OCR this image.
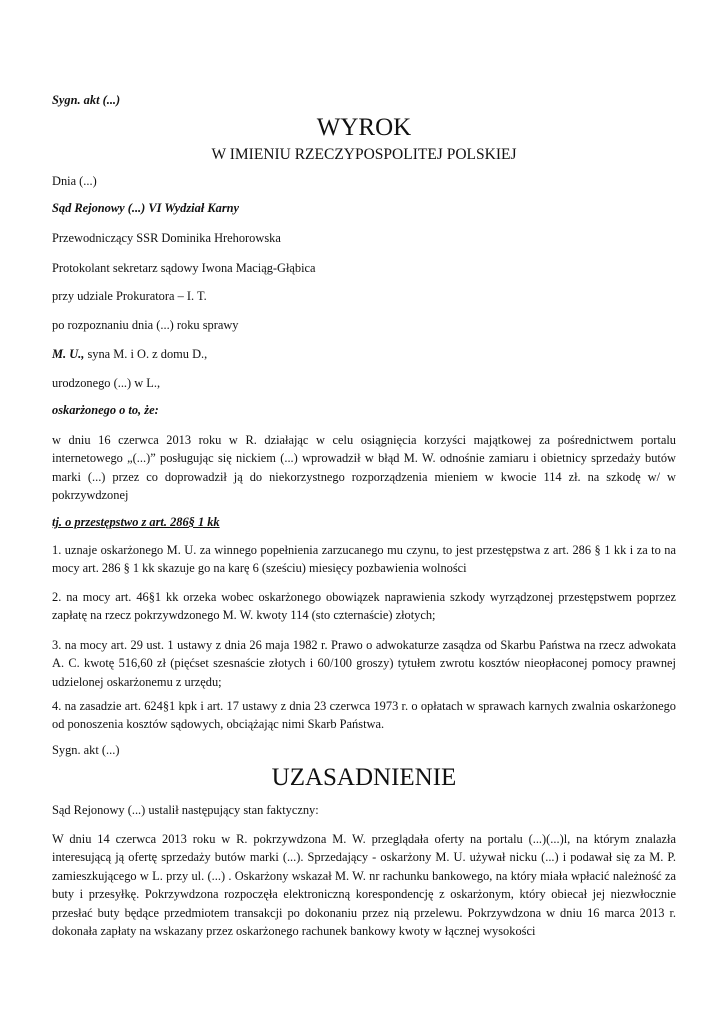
Sygn. akt (...)
WYROK
W IMIENIU RZECZYPOSPOLITEJ POLSKIEJ
Dnia (...)
Sąd Rejonowy (...) VI Wydział Karny
Przewodniczący SSR Dominika Hrehorowska
Protokolant sekretarz sądowy Iwona Maciąg-Głąbica
przy udziale Prokuratora – I. T.
po rozpoznaniu dnia (...) roku sprawy
M. U., syna M. i O. z domu D.,
urodzonego (...) w L.,
oskarżonego o to, że:
w dniu 16 czerwca 2013 roku w R. działając w celu osiągnięcia korzyści majątkowej za pośrednictwem portalu internetowego „(...)” posługując się nickiem (...) wprowadził w błąd M. W. odnośnie zamiaru i obietnicy sprzedaży butów marki (...) przez co doprowadził ją do niekorzystnego rozporządzenia mieniem w kwocie 114 zł. na szkodę w/ w pokrzywdzonej
tj. o przestępstwo z art. 286§ 1 kk
1. uznaje oskarżonego M. U. za winnego popełnienia zarzucanego mu czynu, to jest przestępstwa z art. 286 § 1 kk i za to na mocy art. 286 § 1 kk skazuje go na karę 6 (sześciu) miesięcy pozbawienia wolności
2. na mocy art. 46§1 kk orzeka wobec oskarżonego obowiązek naprawienia szkody wyrządzonej przestępstwem poprzez zapłatę na rzecz pokrzywdzonego M. W. kwoty 114 (sto czternaście) złotych;
3. na mocy art. 29 ust. 1 ustawy z dnia 26 maja 1982 r. Prawo o adwokaturze zasądza od Skarbu Państwa na rzecz adwokata A. C. kwotę 516,60 zł (pięćset szesnaście złotych i 60/100 groszy) tytułem zwrotu kosztów nieopłaconej pomocy prawnej udzielonej oskarżonemu z urzędu;
4. na zasadzie art. 624§1 kpk i art. 17 ustawy z dnia 23 czerwca 1973 r. o opłatach w sprawach karnych zwalnia oskarżonego od ponoszenia kosztów sądowych, obciążając nimi Skarb Państwa.
Sygn. akt (...)
UZASADNIENIE
Sąd Rejonowy (...) ustalił następujący stan faktyczny:
W dniu 14 czerwca 2013 roku w R. pokrzywdzona M. W. przeglądała oferty na portalu (...)(...)l, na którym znalazła interesującą ją ofertę sprzedaży butów marki (...). Sprzedający - oskarżony M. U. używał nicku (...) i podawał się za M. P. zamieszkującego w L. przy ul. (...) . Oskarżony wskazał M. W. nr rachunku bankowego, na który miała wpłacić należność za buty i przesyłkę. Pokrzywdzona rozpoczęła elektroniczną korespondencję z oskarżonym, który obiecał jej niezwłocznie przesłać buty będące przedmiotem transakcji po dokonaniu przez nią przelewu. Pokrzywdzona w dniu 16 marca 2013 r. dokonała zapłaty na wskazany przez oskarżonego rachunek bankowy kwoty w łącznej wysokości
